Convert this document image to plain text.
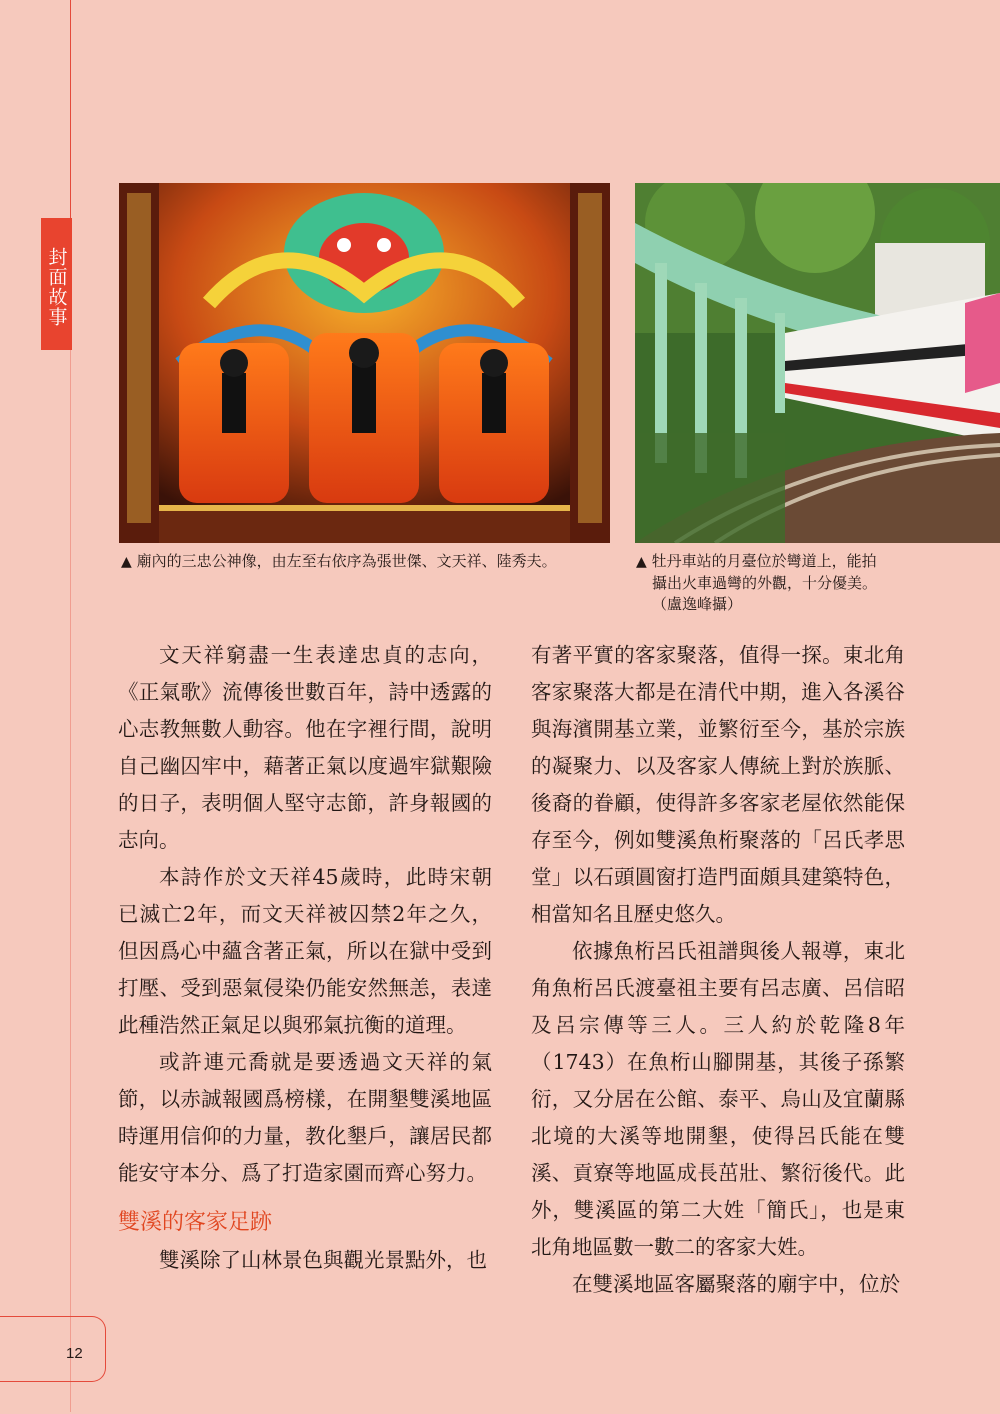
封面故事
▲ 廟內的三忠公神像，由左至右依序為張世傑、文天祥、陸秀夫。	▲ 牡丹車站的月臺位於彎道上，能拍
攝出火車過彎的外觀，十分優美。
（盧逸峰攝）

文天祥窮盡一生表達忠貞的志向，《正氣歌》流傳後世數百年，詩中透露的心志教無數人動容。他在字裡行間，說明自己幽囚牢中，藉著正氣以度過牢獄艱險的日子，表明個人堅守志節，許身報國的志向。

本詩作於文天祥45歲時，此時宋朝已滅亡2年，而文天祥被囚禁2年之久，但因爲心中蘊含著正氣，所以在獄中受到打壓、受到惡氣侵染仍能安然無恙，表達此種浩然正氣足以與邪氣抗衡的道理。

或許連元喬就是要透過文天祥的氣節，以赤誠報國爲榜樣，在開墾雙溪地區時運用信仰的力量，教化墾戶，讓居民都能安守本分、爲了打造家園而齊心努力。

雙溪的客家足跡

雙溪除了山林景色與觀光景點外，也

有著平實的客家聚落，值得一探。東北角客家聚落大都是在清代中期，進入各溪谷與海濱開基立業，並繁衍至今，基於宗族的凝聚力、以及客家人傳統上對於族脈、後裔的眷顧，使得許多客家老屋依然能保存至今，例如雙溪魚桁聚落的「呂氏孝思堂」以石頭圓窗打造門面頗具建築特色，相當知名且歷史悠久。

依據魚桁呂氏祖譜與後人報導，東北角魚桁呂氏渡臺祖主要有呂志廣、呂信昭及呂宗傳等三人。三人約於乾隆8年（1743）在魚桁山腳開基，其後子孫繁衍，又分居在公館、泰平、烏山及宜蘭縣北境的大溪等地開墾，使得呂氏能在雙溪、貢寮等地區成長茁壯、繁衍後代。此外，雙溪區的第二大姓「簡氏」，也是東北角地區數一數二的客家大姓。

在雙溪地區客屬聚落的廟宇中，位於

12
